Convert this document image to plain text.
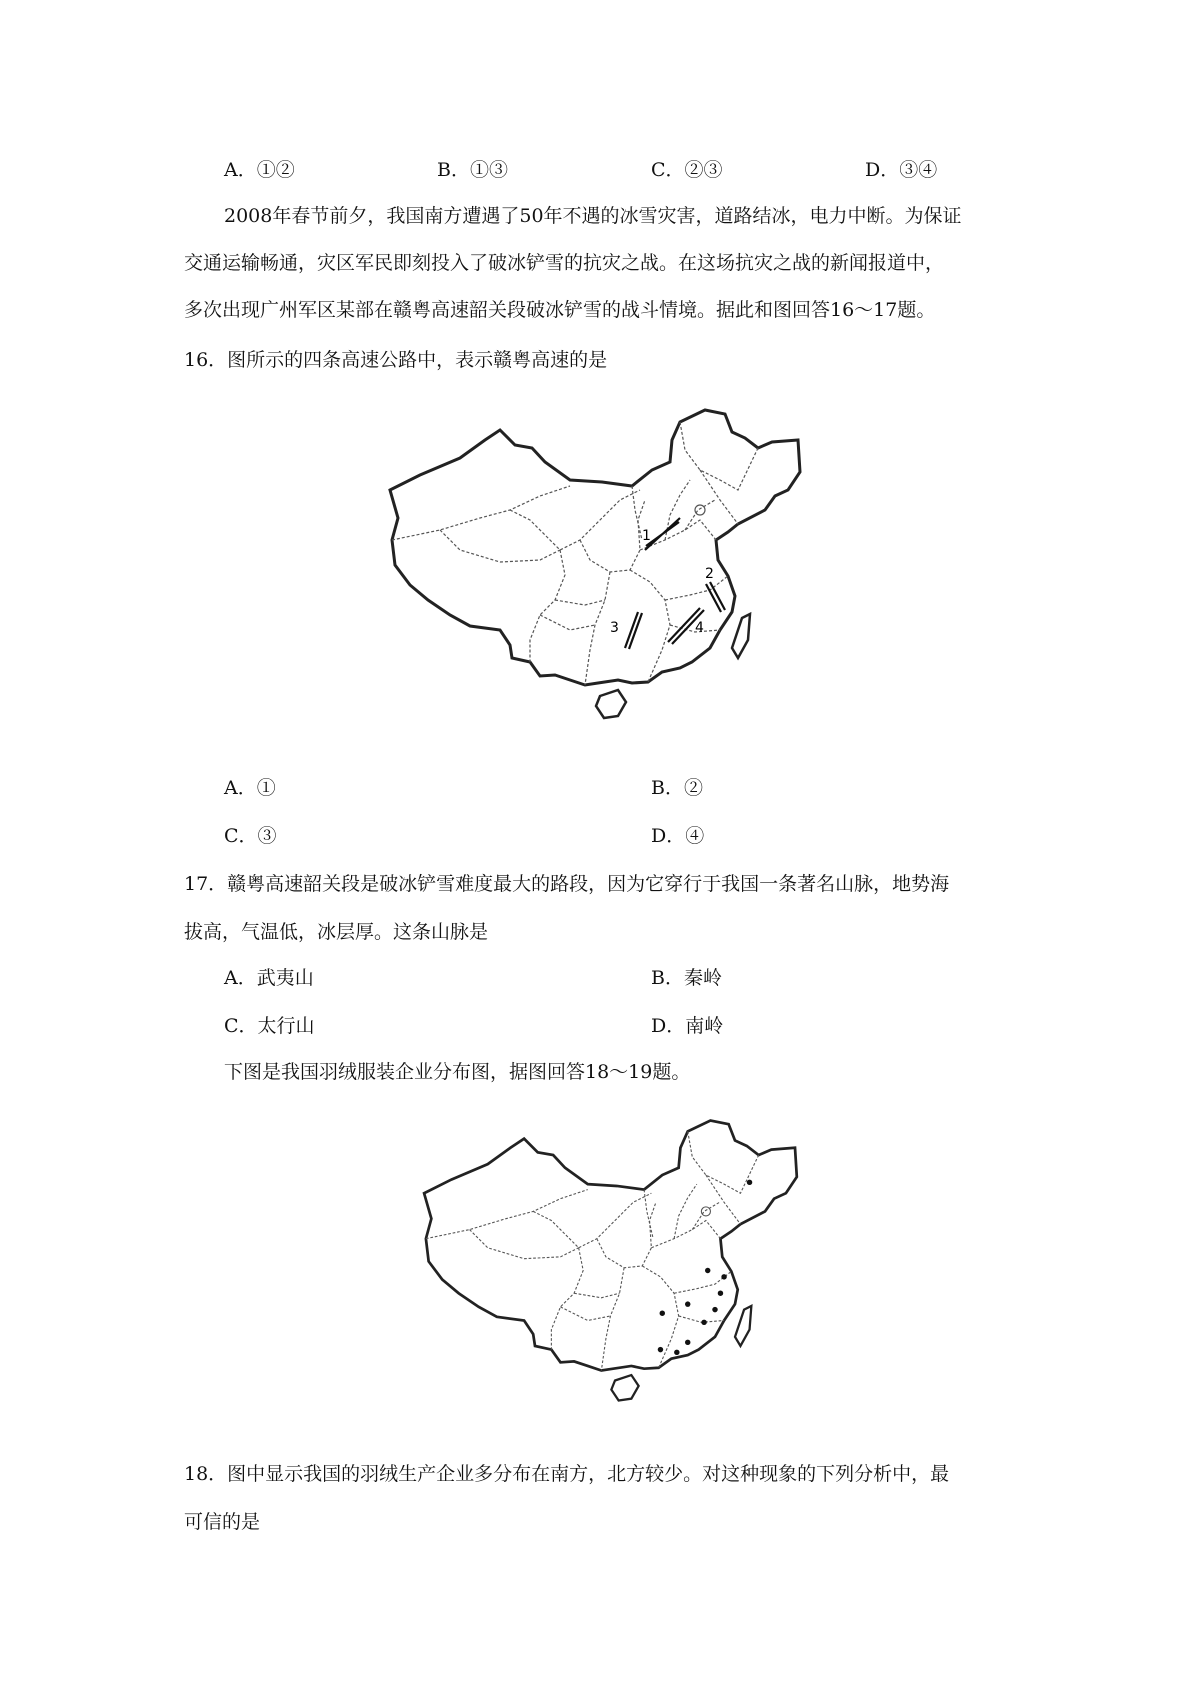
A．①②	B．①③	C．②③	D．③④
2008年春节前夕，我国南方遭遇了50年不遇的冰雪灾害，道路结冰，电力中断。为保证
交通运输畅通，灾区军民即刻投入了破冰铲雪的抗灾之战。在这场抗灾之战的新闻报道中，
多次出现广州军区某部在赣粤高速韶关段破冰铲雪的战斗情境。据此和图回答16～17题。
16．图所示的四条高速公路中，表示赣粤高速的是
1
2
3	4
A．①	B．②
C．③	D．④
17．赣粤高速韶关段是破冰铲雪难度最大的路段，因为它穿行于我国一条著名山脉，地势海
拔高，气温低，冰层厚。这条山脉是
A．武夷山	B．秦岭
C．太行山	D．南岭
下图是我国羽绒服装企业分布图，据图回答18～19题。
18．图中显示我国的羽绒生产企业多分布在南方，北方较少。对这种现象的下列分析中，最
可信的是
